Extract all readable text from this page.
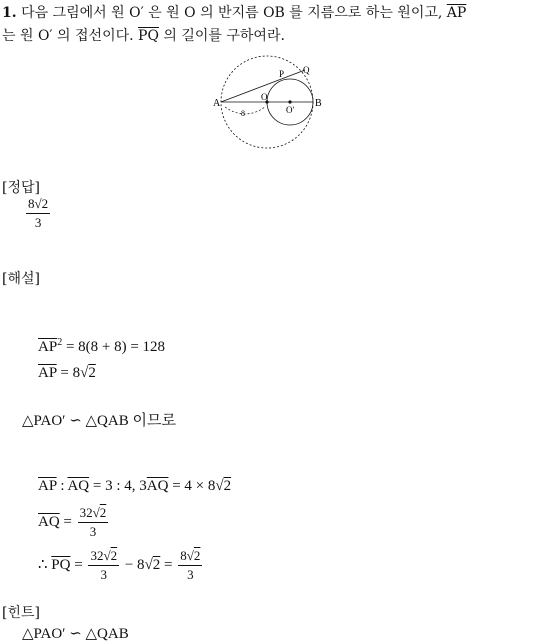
1. 다음 그림에서 원 O′ 은 원 O 의 반지름 OB 를 지름으로 하는 원이고, $\overline{AP}$
는 원 O′ 의 접선이다. $\overline{PQ}$ 의 길이를 구하여라.
A	B
O
O′
P Q
8
[정답]
$\frac{8√2}{3}$
[해설]
$\overline{AP}^2 = 8(8 + 8) = 128$
$\overline{AP} = 8√2$
△PAO′ ∽ △QAB 이므로
$\overline{AP}$ : $\overline{AQ} = 3$ : 4, $3\overline{AQ} = 4 \times 8√2$
$\overline{AQ} = \frac{32√2}{3}$
∴ $\overline{PQ} = \frac{32√2}{3} - 8√2 = \frac{8√2}{3}$
[힌트]
△PAO′ ∽ △QAB
